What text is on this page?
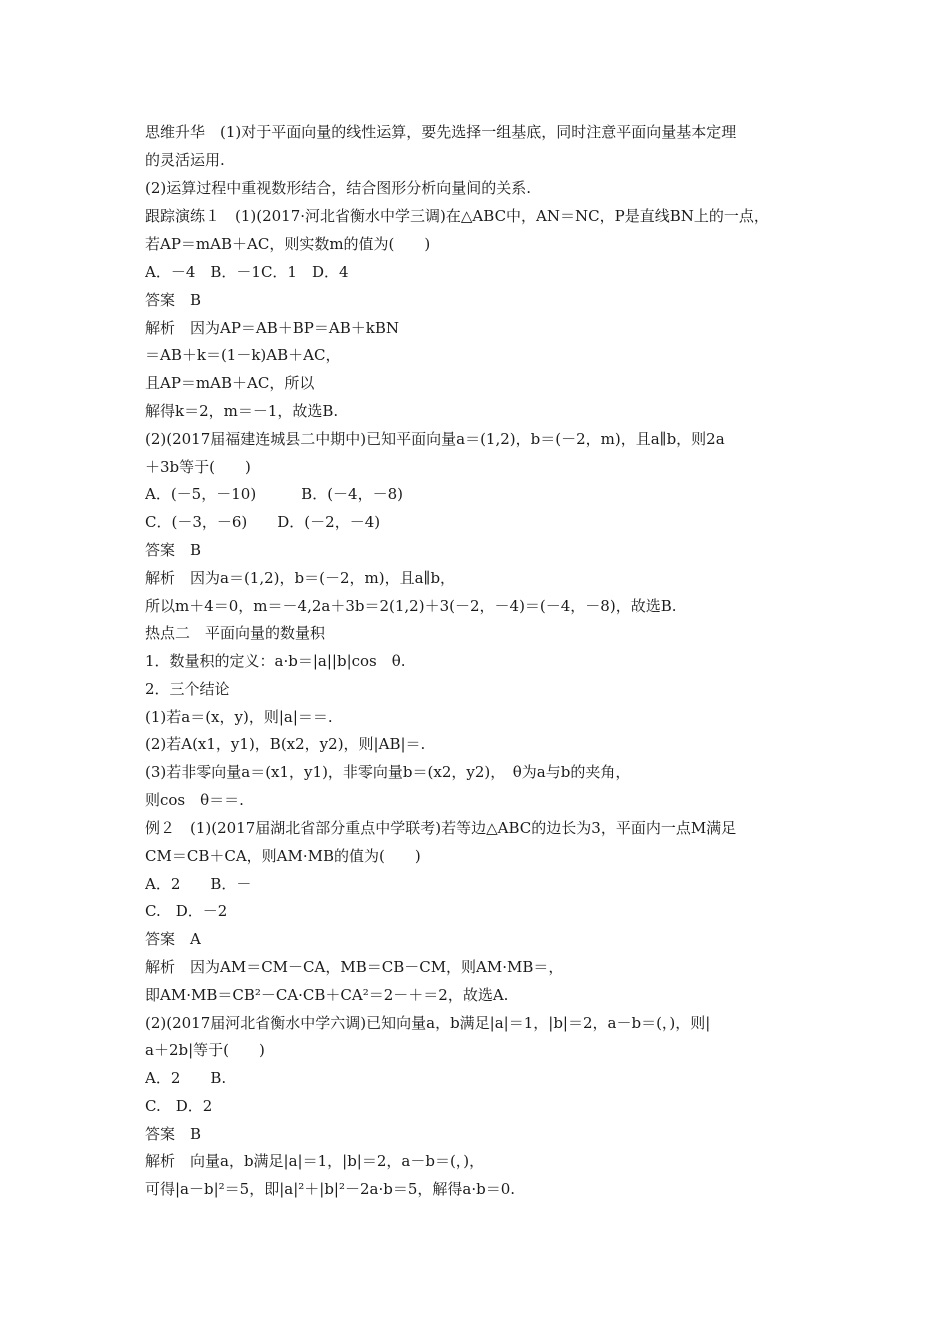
思维升华　(1)对于平面向量的线性运算，要先选择一组基底，同时注意平面向量基本定理
的灵活运用.
(2)运算过程中重视数形结合，结合图形分析向量间的关系.
跟踪演练１　(1)(2017·河北省衡水中学三调)在△ABC中，AN＝NC，P是直线BN上的一点，
若AP＝mAB＋AC，则实数m的值为(　　)
A．－4　B．－1C．1　D．4
答案　B
解析　因为AP＝AB＋BP＝AB＋kBN
＝AB＋k＝(1－k)AB＋AC，
且AP＝mAB＋AC，所以
解得k＝2，m＝－1，故选B.
(2)(2017届福建连城县二中期中)已知平面向量a＝(1,2)，b＝(－2，m)，且a∥b，则2a
＋3b等于(　　)
A．(－5，－10)　　　B．(－4，－8)
C．(－3，－6)　　D．(－2，－4)
答案　B
解析　因为a＝(1,2)，b＝(－2，m)，且a∥b，
所以m＋4＝0，m＝－4,2a＋3b＝2(1,2)＋3(－2，－4)＝(－4，－8)，故选B.
热点二　平面向量的数量积
1．数量积的定义：a·b＝|a||b|cos　θ.
2．三个结论
(1)若a＝(x，y)，则|a|＝＝.
(2)若A(x1，y1)，B(x2，y2)，则|AB|＝.
(3)若非零向量a＝(x1，y1)，非零向量b＝(x2，y2)，　θ为a与b的夹角，
则cos　θ＝＝.
例２　(1)(2017届湖北省部分重点中学联考)若等边△ABC的边长为3，平面内一点M满足
CM＝CB＋CA，则AM·MB的值为(　　)
A．2　　B．－
C.　D．－2
答案　A
解析　因为AM＝CM－CA，MB＝CB－CM，则AM·MB＝，
即AM·MB＝CB²－CA·CB＋CA²＝2－＋＝2，故选A.
(2)(2017届河北省衡水中学六调)已知向量a，b满足|a|＝1，|b|＝2，a－b＝(，)，则|
a＋2b|等于(　　)
A．2　　B.
C.　D．2
答案　B
解析　向量a，b满足|a|＝1，|b|＝2，a－b＝(，)，
可得|a－b|²＝5，即|a|²＋|b|²－2a·b＝5，解得a·b＝0.
